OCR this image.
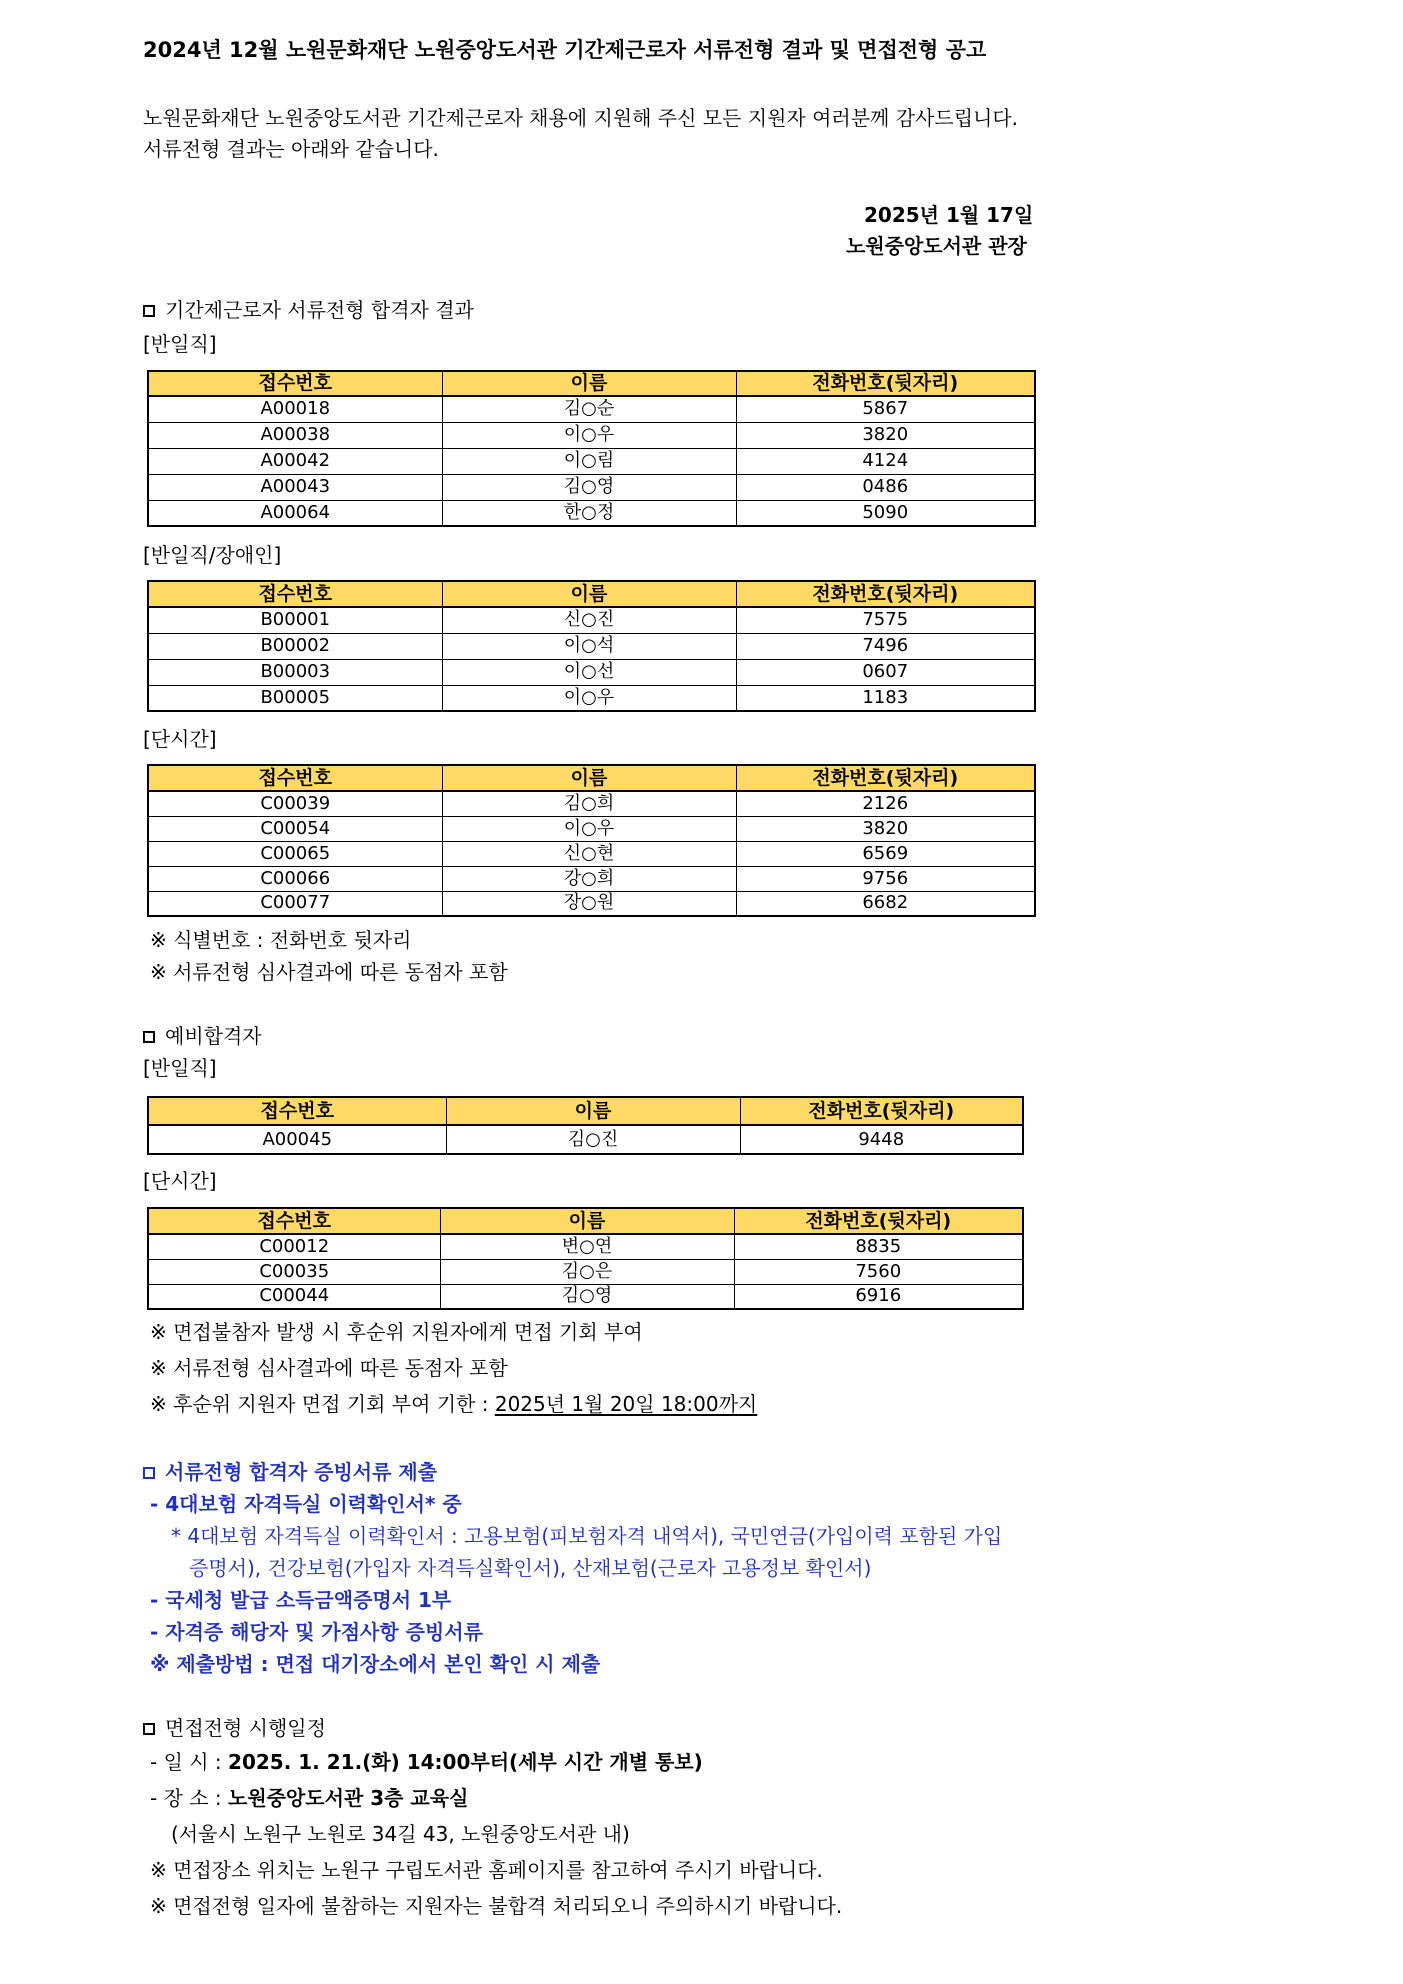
2024년 12월 노원문화재단 노원중앙도서관 기간제근로자 서류전형 결과 및 면접전형 공고
노원문화재단 노원중앙도서관 기간제근로자 채용에 지원해 주신 모든 지원자 여러분께 감사드립니다.
서류전형 결과는 아래와 같습니다.
2025년 1월 17일
노원중앙도서관 관장
기간제근로자 서류전형 합격자 결과
[반일직]
접수번호	이름	전화번호(뒷자리)
A00018	김○순	5867
A00038	이○우	3820
A00042	이○림	4124
A00043	김○영	0486
A00064	한○정	5090
[반일직/장애인]
접수번호	이름	전화번호(뒷자리)
B00001	신○진	7575
B00002	이○석	7496
B00003	이○선	0607
B00005	이○우	1183
[단시간]
접수번호	이름	전화번호(뒷자리)
C00039	김○희	2126
C00054	이○우	3820
C00065	신○현	6569
C00066	강○희	9756
C00077	장○원	6682
※ 식별번호 : 전화번호 뒷자리
※ 서류전형 심사결과에 따른 동점자 포함
예비합격자
[반일직]
접수번호	이름	전화번호(뒷자리)
A00045	김○진	9448
[단시간]
접수번호	이름	전화번호(뒷자리)
C00012	변○연	8835
C00035	김○은	7560
C00044	김○영	6916
※ 면접불참자 발생 시 후순위 지원자에게 면접 기회 부여
※ 서류전형 심사결과에 따른 동점자 포함
※ 후순위 지원자 면접 기회 부여 기한 : 2025년 1월 20일 18:00까지
서류전형 합격자 증빙서류 제출
- 4대보험 자격득실 이력확인서* 중
* 4대보험 자격득실 이력확인서 : 고용보험(피보험자격 내역서), 국민연금(가입이력 포함된 가입
증명서), 건강보험(가입자 자격득실확인서), 산재보험(근로자 고용정보 확인서)
- 국세청 발급 소득금액증명서 1부
- 자격증 해당자 및 가점사항 증빙서류
※ 제출방법 : 면접 대기장소에서 본인 확인 시 제출
면접전형 시행일정
- 일 시 : 2025. 1. 21.(화) 14:00부터(세부 시간 개별 통보)
- 장 소 : 노원중앙도서관 3층 교육실
(서울시 노원구 노원로 34길 43, 노원중앙도서관 내)
※ 면접장소 위치는 노원구 구립도서관 홈페이지를 참고하여 주시기 바랍니다.
※ 면접전형 일자에 불참하는 지원자는 불합격 처리되오니 주의하시기 바랍니다.
